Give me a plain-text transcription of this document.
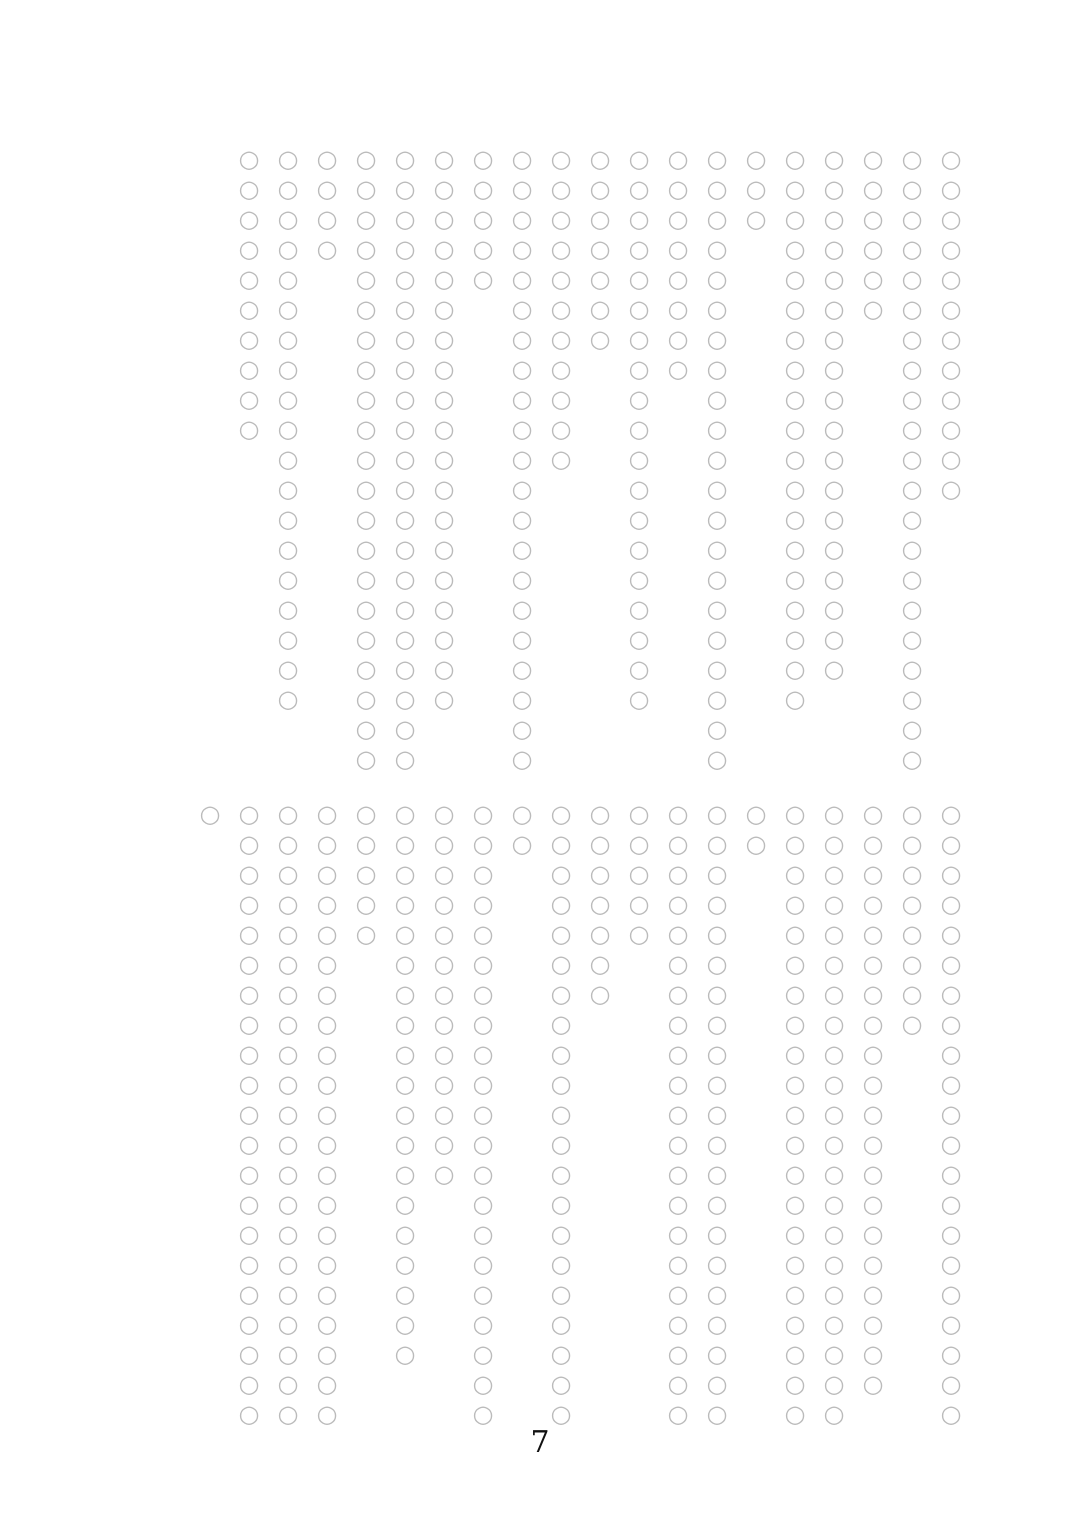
○○○○○○○○○○○○
○○○○○○○○○○○○○○○○○○○○○
○○○○○○
○○○○○○○○○○○○○○○○○○
○○○○○○○○○○○○○○○○○○○
○○○
○○○○○○○○○○○○○○○○○○○○○
○○○○○○○○
○○○○○○○○○○○○○○○○○○○
○○○○○○○
○○○○○○○○○○○
○○○○○○○○○○○○○○○○○○○○○
○○○○○
○○○○○○○○○○○○○○○○○○○
○○○○○○○○○○○○○○○○○○○○○
○○○○○○○○○○○○○○○○○○○○○
○○○○
○○○○○○○○○○○○○○○○○○○
○○○○○○○○○○
○○○○○○○○○○○○○○○○○○○○○
○○○○○○○○
○○○○○○○○○○○○○○○○○○○○
○○○○○○○○○○○○○○○○○○○○○
○○○○○○○○○○○○○○○○○○○○○
○○
○○○○○○○○○○○○○○○○○○○○○
○○○○○○○○○○○○○○○○○○○○○
○○○○○
○○○○○○○
○○○○○○○○○○○○○○○○○○○○○
○○
○○○○○○○○○○○○○○○○○○○○○
○○○○○○○○○○○○○
○○○○○○○○○○○○○○○○○○○
○○○○○
○○○○○○○○○○○○○○○○○○○○○
○○○○○○○○○○○○○○○○○○○○○
○○○○○○○○○○○○○○○○○○○○○
○
7
